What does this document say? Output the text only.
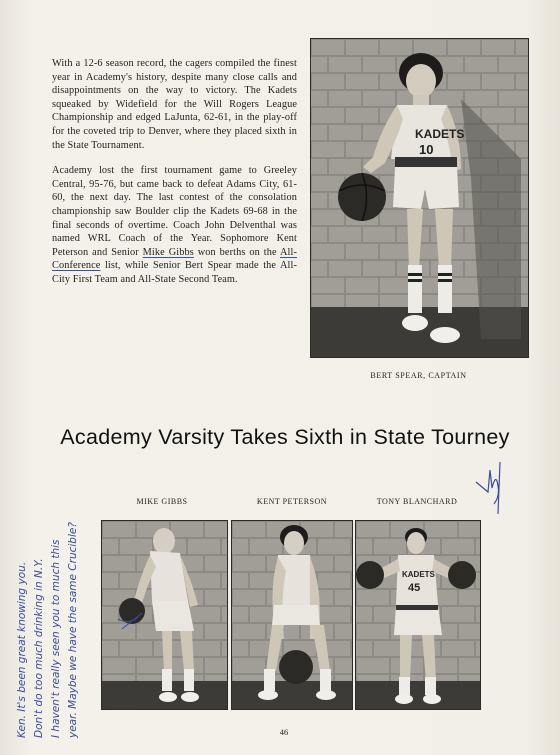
With a 12-6 season record, the cagers compiled the finest year in Academy's history, despite many close calls and disappointments on the way to victory. The Kadets squeaked by Widefield for the Will Rogers League Championship and edged LaJunta, 62-61, in the play-off for the coveted trip to Denver, where they placed sixth in the State Tournament.

Academy lost the first tournament game to Greeley Central, 95-76, but came back to defeat Adams City, 61-60, the next day. The last contest of the consolation championship saw Boulder clip the Kadets 69-68 in the final seconds of overtime. Coach John Delventhal was named WRL Coach of the Year. Sophomore Kent Peterson and Senior Mike Gibbs won berths on the All-Conference list, while Senior Bert Spear made the All-City First Team and All-State Second Team.

KADETS
10
BERT SPEAR, CAPTAIN
Academy Varsity Takes Sixth in State Tourney
Ken. It's been great knowing you. Don't do too much drinking in N.Y. I haven't really seen you to much this year. Maybe we have the same Crucible?
MIKE GIBBS	KENT PETERSON	TONY BLANCHARD
KADETS
45
46
